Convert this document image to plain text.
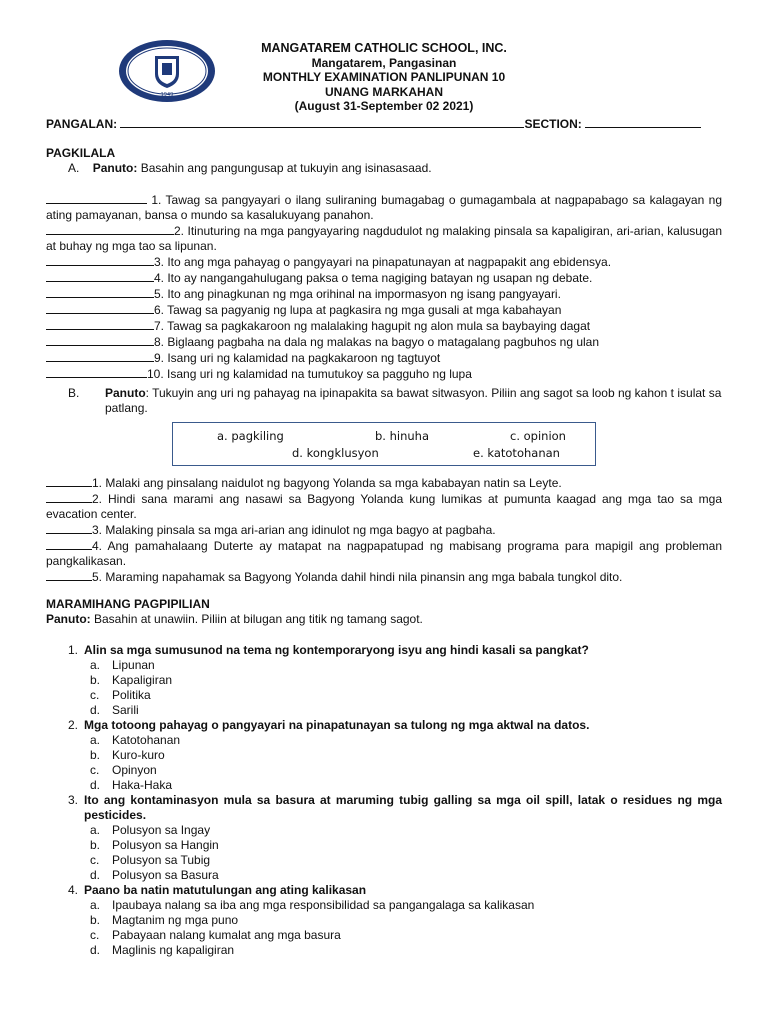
1949
MANGATAREM CATHOLIC SCHOOL, INC.
Mangatarem, Pangasinan
MONTHLY EXAMINATION PANLIPUNAN 10
UNANG MARKAHAN
(August 31-September 02 2021)
PANGALAN:	SECTION:
PAGKILALA
A. Panuto: Basahin ang pangungusap at tukuyin ang isinasasaad.
1. Tawag sa pangyayari o ilang suliraning bumagabag o gumagambala at nagpapabago sa kalagayan ng ating pamayanan, bansa o mundo sa kasalukuyang panahon.
2. Itinuturing na mga pangyayaring nagdudulot ng malaking pinsala sa kapaligiran, ari-arian, kalusugan at buhay ng mga tao sa lipunan.
3. Ito ang mga pahayag o pangyayari na pinapatunayan at nagpapakit ang ebidensya.
4. Ito ay nangangahulugang paksa o tema nagiging batayan ng usapan ng debate.
5. Ito ang pinagkunan ng mga orihinal na impormasyon ng isang pangyayari.
6. Tawag sa pagyanig ng lupa at pagkasira ng mga gusali at mga kabahayan
7. Tawag sa pagkakaroon ng malalaking hagupit ng alon mula sa baybaying dagat
8. Biglaang pagbaha na dala ng malakas na bagyo o matagalang pagbuhos ng ulan
9. Isang uri ng kalamidad na pagkakaroon ng tagtuyot
10. Isang uri ng kalamidad na tumutukoy sa pagguho ng lupa
B.	Panuto: Tukuyin ang uri ng pahayag na ipinapakita sa bawat sitwasyon. Piliin ang sagot sa loob ng kahon t isulat sa patlang.
a. pagkiling	b. hinuha	c. opinion
d. kongklusyon	e. katotohanan
1. Malaki ang pinsalang naidulot ng bagyong Yolanda sa mga kababayan natin sa Leyte.
2. Hindi sana marami ang nasawi sa Bagyong Yolanda kung lumikas at pumunta kaagad ang mga tao sa mga evacation center.
3. Malaking pinsala sa mga ari-arian ang idinulot ng mga bagyo at pagbaha.
4. Ang pamahalaang Duterte ay matapat na nagpapatupad ng mabisang programa para mapigil ang probleman pangkalikasan.
5. Maraming napahamak sa Bagyong Yolanda dahil hindi nila pinansin ang mga babala tungkol dito.
MARAMIHANG PAGPIPILIAN
Panuto: Basahin at unawiin. Piliin at bilugan ang titik ng tamang sagot.
1. Alin sa mga sumusunod na tema ng kontemporaryong isyu ang hindi kasali sa pangkat?
a. Lipunan
b. Kapaligiran
c. Politika
d. Sarili
2. Mga totoong pahayag o pangyayari na pinapatunayan sa tulong ng mga aktwal na datos.
a. Katotohanan
b. Kuro-kuro
c. Opinyon
d. Haka-Haka
3. Ito ang kontaminasyon mula sa basura at maruming tubig galling sa mga oil spill, latak o residues ng mga pesticides.
a. Polusyon sa Ingay
b. Polusyon sa Hangin
c. Polusyon sa Tubig
d. Polusyon sa Basura
4. Paano ba natin matutulungan ang ating kalikasan
a. Ipaubaya nalang sa iba ang mga responsibilidad sa pangangalaga sa kalikasan
b. Magtanim ng mga puno
c. Pabayaan nalang kumalat ang mga basura
d. Maglinis ng kapaligiran
